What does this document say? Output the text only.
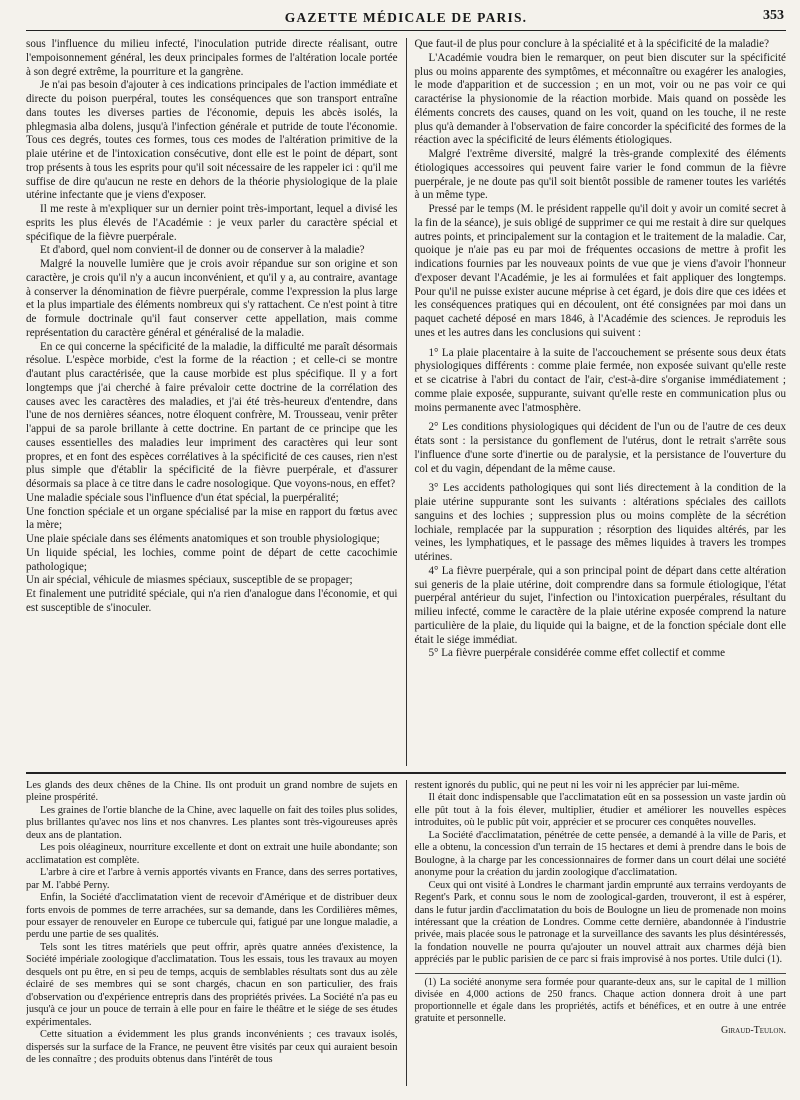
GAZETTE MÉDICALE DE PARIS.	353

sous l'influence du milieu infecté, l'inoculation putride directe réalisant, outre l'empoisonnement général, les deux principales formes de l'altération locale portée à son degré extrême, la pourriture et la gangrène.

Je n'ai pas besoin d'ajouter à ces indications principales de l'action immédiate et directe du poison puerpéral, toutes les conséquences que son transport entraîne dans toutes les diverses parties de l'économie, depuis les abcès isolés, la phlegmasia alba dolens, jusqu'à l'infection générale et putride de toute l'économie. Tous ces degrés, toutes ces formes, tous ces modes de l'altération primitive de la plaie utérine et de l'intoxication consécutive, dont elle est le point de départ, sont trop présents à tous les esprits pour qu'il soit nécessaire de les rappeler ici : qu'il me suffise de dire qu'aucun ne reste en dehors de la théorie physiologique de la plaie utérine infectante que je viens d'exposer.

Il me reste à m'expliquer sur un dernier point très-important, lequel a divisé les esprits les plus élevés de l'Académie : je veux parler du caractère spécial et spécifique de la fièvre puerpérale.

Et d'abord, quel nom convient-il de donner ou de conserver à la maladie?

Malgré la nouvelle lumière que je crois avoir répandue sur son origine et son caractère, je crois qu'il n'y a aucun inconvénient, et qu'il y a, au contraire, avantage à conserver la dénomination de fièvre puerpérale, comme l'expression la plus large et la plus impartiale des éléments nombreux qui s'y rattachent. Ce n'est point à titre de formule doctrinale qu'il faut conserver cette appellation, mais comme représentation du caractère général et généralisé de la maladie.

En ce qui concerne la spécificité de la maladie, la difficulté me paraît désormais résolue. L'espèce morbide, c'est la forme de la réaction ; et celle-ci se montre d'autant plus caractérisée, que la cause morbide est plus spécifique. Il y a fort longtemps que j'ai cherché à faire prévaloir cette doctrine de la corrélation des causes avec les caractères des maladies, et j'ai été très-heureux d'entendre, dans l'une de nos dernières séances, notre éloquent confrère, M. Trousseau, venir prêter l'appui de sa parole brillante à cette doctrine. En partant de ce principe que les causes essentielles des maladies leur impriment des caractères qui leur sont propres, et en font des espèces corrélatives à la spécificité de ces causes, rien n'est plus simple que d'établir la spécificité de la fièvre puerpérale, et d'assurer désormais sa place à ce titre dans le cadre nosologique. Que voyons-nous, en effet?

Une maladie spéciale sous l'influence d'un état spécial, la puerpéralité;

Une fonction spéciale et un organe spécialisé par la mise en rapport du fœtus avec la mère;

Une plaie spéciale dans ses éléments anatomiques et son trouble physiologique;

Un liquide spécial, les lochies, comme point de départ de cette cacochimie pathologique;

Un air spécial, véhicule de miasmes spéciaux, susceptible de se propager;

Et finalement une putridité spéciale, qui n'a rien d'analogue dans l'économie, et qui est susceptible de s'inoculer.

Que faut-il de plus pour conclure à la spécialité et à la spécificité de la maladie?

L'Académie voudra bien le remarquer, on peut bien discuter sur la spécificité plus ou moins apparente des symptômes, et méconnaître ou exagérer les analogies, le mode d'apparition et de succession ; en un mot, voir ou ne pas voir ce qui caractérise la physionomie de la réaction morbide. Mais quand on possède les éléments concrets des causes, quand on les voit, quand on les touche, il ne reste plus qu'à demander à l'observation de faire concorder la spécificité des formes de la réaction avec la spécificité de leurs éléments étiologiques.

Malgré l'extrême diversité, malgré la très-grande complexité des éléments étiologiques accessoires qui peuvent faire varier le fond commun de la fièvre puerpérale, je ne doute pas qu'il soit bientôt possible de ramener toutes les variétés à un même type.

Pressé par le temps (M. le président rappelle qu'il doit y avoir un comité secret à la fin de la séance), je suis obligé de supprimer ce qui me restait à dire sur quelques autres points, et principalement sur la contagion et le traitement de la maladie. Car, quoique je n'aie pas eu par moi de fréquentes occasions de mettre à profit les indications fournies par les nouveaux points de vue que je viens d'avoir l'honneur d'exposer devant l'Académie, je les ai formulées et fait appliquer des longtemps. Pour qu'il ne puisse exister aucune méprise à cet égard, je dois dire que ces idées et les conséquences pratiques qui en découlent, ont été consignées par moi dans un paquet cacheté déposé en mars 1846, à l'Académie des sciences. Je reproduis les unes et les autres dans les conclusions qui suivent :

1° La plaie placentaire à la suite de l'accouchement se présente sous deux états physiologiques différents : comme plaie fermée, non exposée suivant qu'elle reste et se cicatrise à l'abri du contact de l'air, c'est-à-dire s'organise immédiatement ; comme plaie exposée, suppurante, suivant qu'elle reste en communication plus ou moins permanente avec l'atmosphère.

2° Les conditions physiologiques qui décident de l'un ou de l'autre de ces deux états sont : la persistance du gonflement de l'utérus, dont le retrait s'arrête sous l'influence d'une sorte d'inertie ou de paralysie, et la persistance de l'ouverture du col et du vagin, dépendant de la même cause.

3° Les accidents pathologiques qui sont liés directement à la condition de la plaie utérine suppurante sont les suivants : altérations spéciales des caillots sanguins et des lochies ; suppression plus ou moins complète de la sécrétion lochiale, remplacée par la suppuration ; résorption des liquides altérés, par les veines, les lymphatiques, et le passage des mêmes liquides à travers les trompes utérines.

4° La fièvre puerpérale, qui a son principal point de départ dans cette altération sui generis de la plaie utérine, doit comprendre dans sa formule étiologique, l'état puerpéral antérieur du sujet, l'infection ou l'intoxication puerpérales, résultant du milieu infecté, comme le caractère de la plaie utérine exposée comprend la nature particulière de la plaie, du liquide qui la baigne, et de la fonction spéciale dont elle était le siége immédiat.

5° La fièvre puerpérale considérée comme effet collectif et comme

Les glands des deux chênes de la Chine. Ils ont produit un grand nombre de sujets en pleine prospérité.

Les graines de l'ortie blanche de la Chine, avec laquelle on fait des toiles plus solides, plus brillantes qu'avec nos lins et nos chanvres. Les plantes sont très-vigoureuses après deux ans de plantation.

Les pois oléagineux, nourriture excellente et dont on extrait une huile abondante; son acclimatation est complète.

L'arbre à cire et l'arbre à vernis apportés vivants en France, dans des serres portatives, par M. l'abbé Perny.

Enfin, la Société d'acclimatation vient de recevoir d'Amérique et de distribuer deux forts envois de pommes de terre arrachées, sur sa demande, dans les Cordilières mêmes, pour essayer de renouveler en Europe ce tubercule qui, fatigué par une longue maladie, a perdu une partie de ses qualités.

Tels sont les titres matériels que peut offrir, après quatre années d'existence, la Société impériale zoologique d'acclimatation. Tous les essais, tous les travaux au moyen desquels ont pu être, en si peu de temps, acquis de semblables résultats sont dus au zèle éclairé de ses membres qui se sont chargés, chacun en son particulier, des frais d'observation ou d'expérience entrepris dans des propriétés privées. La Société n'a pas eu jusqu'à ce jour un pouce de terrain à elle pour en faire le théâtre et le siége de ses études expérimentales.

Cette situation a évidemment les plus grands inconvénients ; ces travaux isolés, dispersés sur la surface de la France, ne peuvent être visités par ceux qui auraient besoin de les connaître ; des produits obtenus dans l'intérêt de tous

restent ignorés du public, qui ne peut ni les voir ni les apprécier par lui-même.

Il était donc indispensable que l'acclimatation eût en sa possession un vaste jardin où elle pût tout à la fois élever, multiplier, étudier et améliorer les nouvelles espèces introduites, où le public pût voir, apprécier et se procurer ces conquêtes nouvelles.

La Société d'acclimatation, pénétrée de cette pensée, a demandé à la ville de Paris, et elle a obtenu, la concession d'un terrain de 15 hectares et demi à prendre dans le bois de Boulogne, à la charge par les concessionnaires de former dans un court délai une société anonyme pour la création du jardin zoologique d'acclimatation.

Ceux qui ont visité à Londres le charmant jardin emprunté aux terrains verdoyants de Regent's Park, et connu sous le nom de zoological-garden, trouveront, il est à espérer, dans le futur jardin d'acclimatation du bois de Boulogne un lieu de promenade non moins intéressant que la création de Londres. Comme cette dernière, abandonnée à l'industrie privée, mais placée sous le patronage et la surveillance des savants les plus désintéressés, la fondation nouvelle ne pourra qu'ajouter un nouvel attrait aux charmes déjà bien appréciés par le public parisien de ce parc si frais improvisé à nos portes. Utile dulci (1).

(1) La société anonyme sera formée pour quarante-deux ans, sur le capital de 1 million divisée en 4,000 actions de 250 francs. Chaque action donnera droit à une part proportionnelle et égale dans les propriétés, actifs et bénéfices, et en outre à une entrée gratuite et personnelle.

Giraud-Teulon.
